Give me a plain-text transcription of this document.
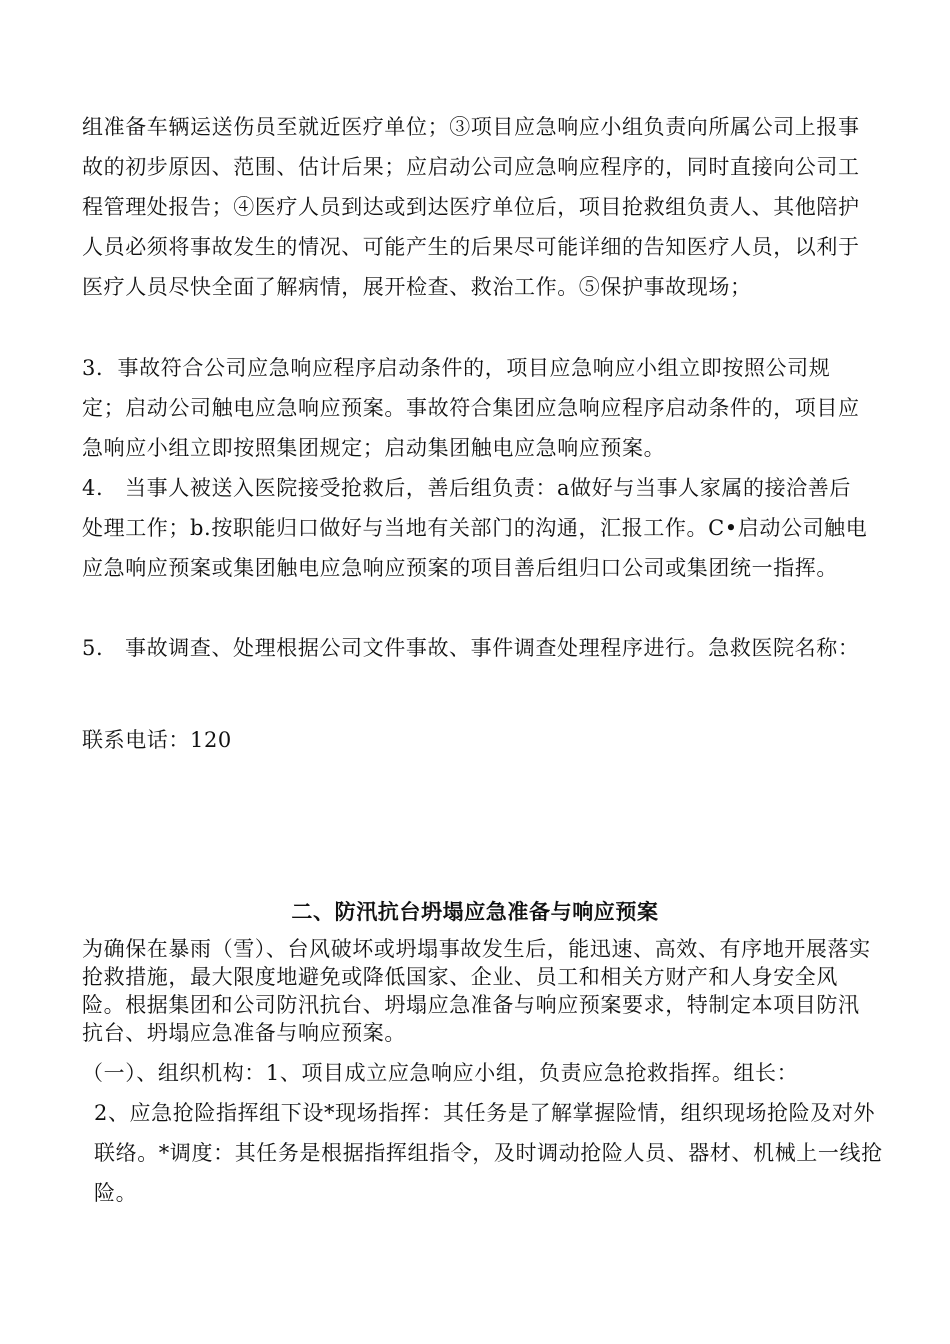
组准备车辆运送伤员至就近医疗单位；③项目应急响应小组负责向所属公司上报事故的初步原因、范围、估计后果；应启动公司应急响应程序的，同时直接向公司工程管理处报告；④医疗人员到达或到达医疗单位后，项目抢救组负责人、其他陪护人员必须将事故发生的情况、可能产生的后果尽可能详细的告知医疗人员，以利于医疗人员尽快全面了解病情，展开检查、救治工作。⑤保护事故现场；

3．事故符合公司应急响应程序启动条件的，项目应急响应小组立即按照公司规定；启动公司触电应急响应预案。事故符合集团应急响应程序启动条件的，项目应急响应小组立即按照集团规定；启动集团触电应急响应预案。

4.   当事人被送入医院接受抢救后，善后组负责：a做好与当事人家属的接洽善后处理工作；b.按职能归口做好与当地有关部门的沟通，汇报工作。C•启动公司触电应急响应预案或集团触电应急响应预案的项目善后组归口公司或集团统一指挥。

5.   事故调查、处理根据公司文件事故、事件调查处理程序进行。急救医院名称：

联系电话：120

二、防汛抗台坍塌应急准备与响应预案

为确保在暴雨（雪）、台风破坏或坍塌事故发生后，能迅速、高效、有序地开展落实抢救措施，最大限度地避免或降低国家、企业、员工和相关方财产和人身安全风险。根据集团和公司防汛抗台、坍塌应急准备与响应预案要求，特制定本项目防汛抗台、坍塌应急准备与响应预案。

（一）、组织机构：1、项目成立应急响应小组，负责应急抢救指挥。组长：

2、应急抢险指挥组下设*现场指挥：其任务是了解掌握险情，组织现场抢险及对外联络。*调度：其任务是根据指挥组指令，及时调动抢险人员、器材、机械上一线抢险。
